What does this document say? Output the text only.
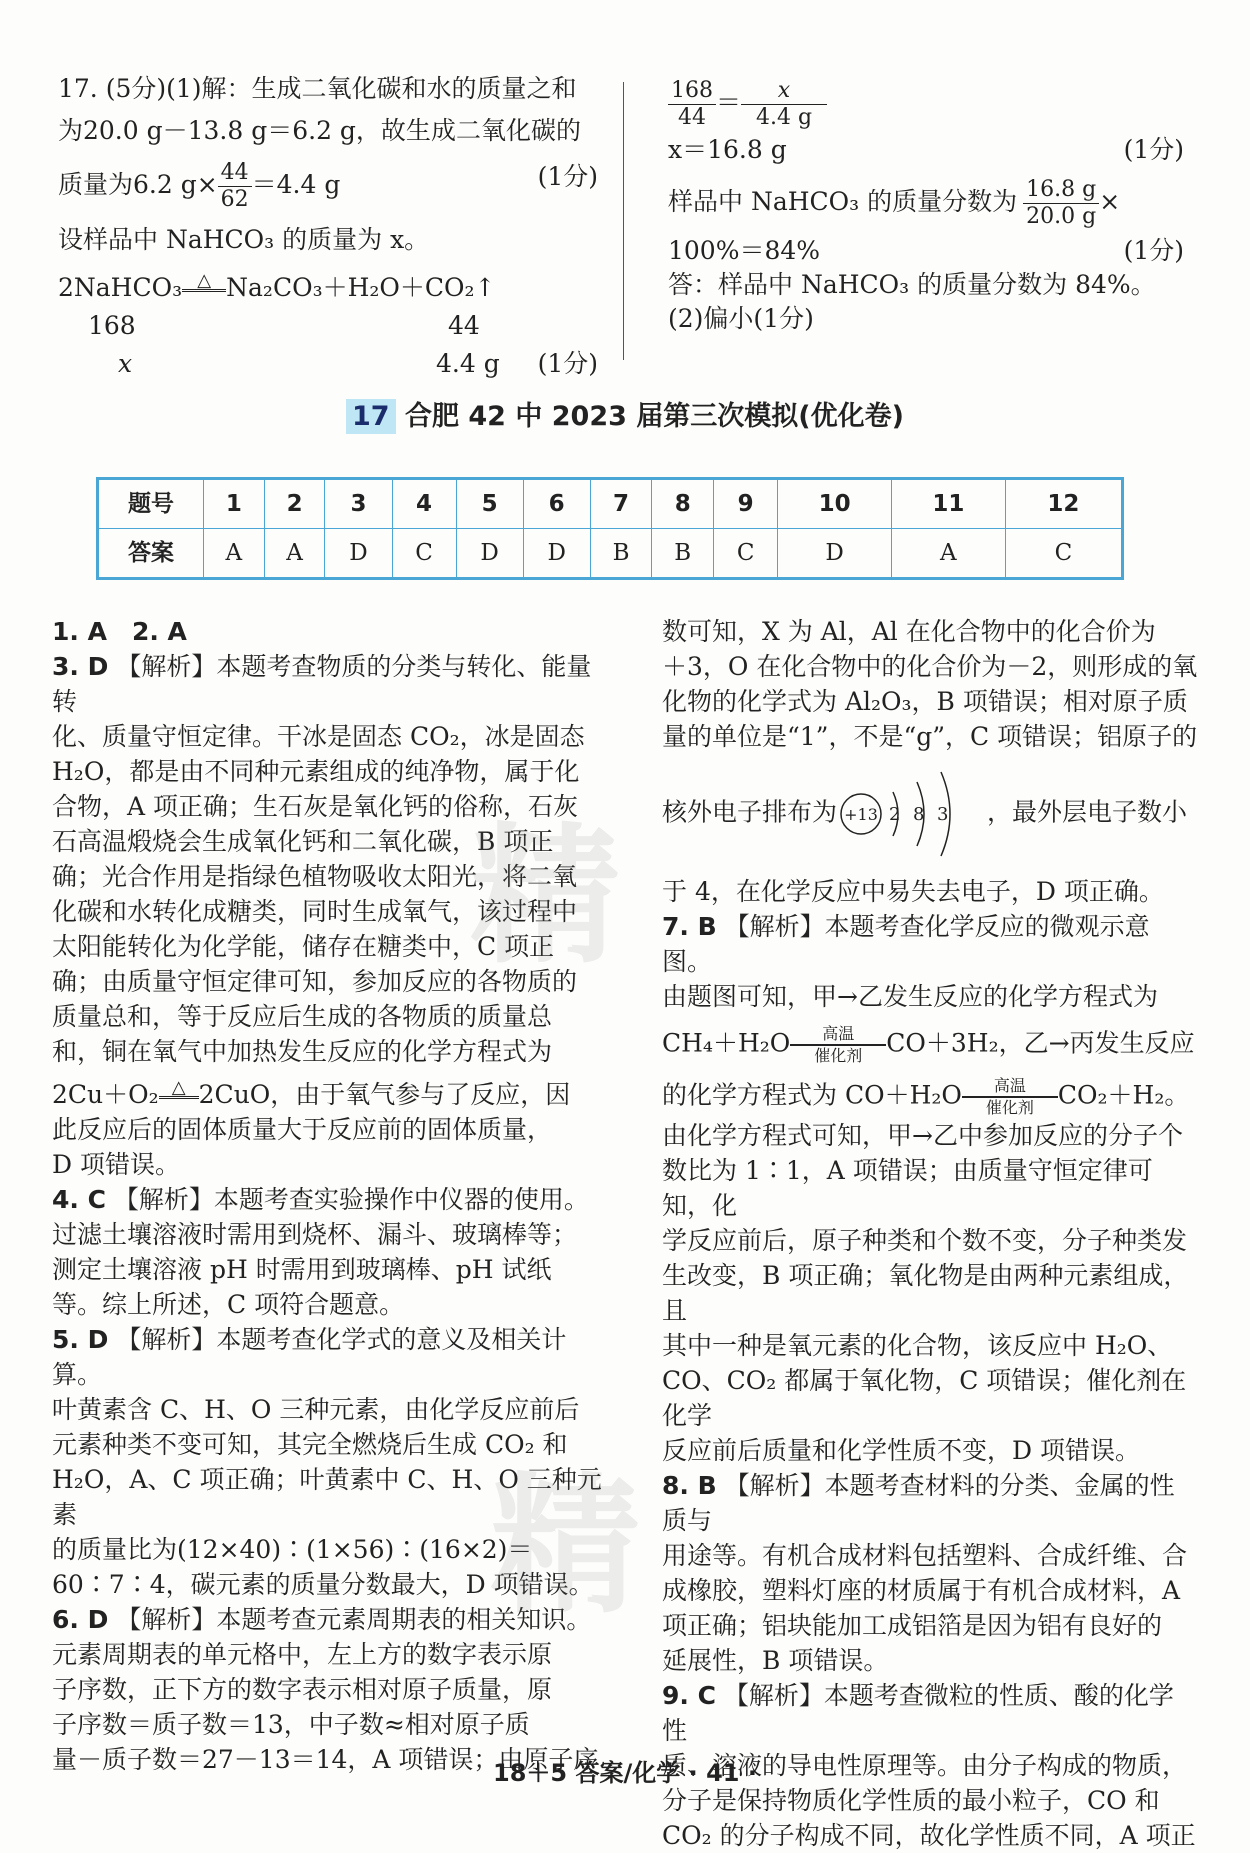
17. (5分)(1)解：生成二氧化碳和水的质量之和

为20.0 g－13.8 g＝6.2 g，故生成二氧化碳的

质量为6.2 $g\times \frac{44}{62} =4.4$ g	(1分)

设样品中 NaHCO₃ 的质量为 x。

2NaHCO₃ △ Na₂CO₃＋H₂O＋CO₂↑

168	44

x	4.4 g (1分)

$\frac{168}{44} = \frac{x}{4.4 g}$

x＝16.8 g	(1分)

样品中 NaHCO₃ 的质量分数为 $\frac{16.8 g}{20.0 g}$ ×

100%＝84%	(1分)

答：样品中 NaHCO₃ 的质量分数为 84%。

(2)偏小(1分)

17 合肥 42 中 2023 届第三次模拟(优化卷)
题号	1	2	3	4	5	6	7	8	9	10	11	12
答案	A	A	D	C	D	D	B	B	C	D	A	C

1. A　2. A

3. D 【解析】本题考查物质的分类与转化、能量转

化、质量守恒定律。干冰是固态 CO₂，冰是固态

H₂O，都是由不同种元素组成的纯净物，属于化

合物，A 项正确；生石灰是氧化钙的俗称，石灰

石高温煅烧会生成氧化钙和二氧化碳，B 项正

确；光合作用是指绿色植物吸收太阳光，将二氧

化碳和水转化成糖类，同时生成氧气，该过程中

太阳能转化为化学能，储存在糖类中，C 项正

确；由质量守恒定律可知，参加反应的各物质的

质量总和，等于反应后生成的各物质的质量总

和，铜在氧气中加热发生反应的化学方程式为

2Cu＋O₂ △ 2CuO，由于氧气参与了反应，因

此反应后的固体质量大于反应前的固体质量，

D 项错误。

4. C 【解析】本题考查实验操作中仪器的使用。

过滤土壤溶液时需用到烧杯、漏斗、玻璃棒等；

测定土壤溶液 pH 时需用到玻璃棒、pH 试纸

等。综上所述，C 项符合题意。

5. D 【解析】本题考查化学式的意义及相关计算。

叶黄素含 C、H、O 三种元素，由化学反应前后

元素种类不变可知，其完全燃烧后生成 CO₂ 和

H₂O，A、C 项正确；叶黄素中 C、H、O 三种元素

的质量比为(12×40)∶(1×56)∶(16×2)＝

60∶7∶4，碳元素的质量分数最大，D 项错误。

6. D 【解析】本题考查元素周期表的相关知识。

元素周期表的单元格中，左上方的数字表示原

子序数，正下方的数字表示相对原子质量，原

子序数＝质子数＝13，中子数≈相对原子质

量－质子数＝27－13＝14，A 项错误；由原子序

数可知，X 为 Al，Al 在化合物中的化合价为

＋3，O 在化合物中的化合价为－2，则形成的氧

化物的化学式为 Al₂O₃，B 项错误；相对原子质

量的单位是“1”，不是“g”，C 项错误；铝原子的

核外电子排布为 +13 2 8 3 ，最外层电子数小

于 4，在化学反应中易失去电子，D 项正确。

7. B 【解析】本题考查化学反应的微观示意图。

由题图可知，甲→乙发生反应的化学方程式为

CH₄＋H₂O	高温
催化剂 CO＋3H₂，乙→丙发生反应

的化学方程式为 CO＋H₂O	高温
催化剂 CO₂＋H₂。

由化学方程式可知，甲→乙中参加反应的分子个

数比为 1∶1，A 项错误；由质量守恒定律可知，化

学反应前后，原子种类和个数不变，分子种类发

生改变，B 项正确；氧化物是由两种元素组成，且

其中一种是氧元素的化合物，该反应中 H₂O、

CO、CO₂ 都属于氧化物，C 项错误；催化剂在化学

反应前后质量和化学性质不变，D 项错误。

8. B 【解析】本题考查材料的分类、金属的性质与

用途等。有机合成材料包括塑料、合成纤维、合

成橡胶，塑料灯座的材质属于有机合成材料，A

项正确；铝块能加工成铝箔是因为铝有良好的

延展性，B 项错误。

9. C 【解析】本题考查微粒的性质、酸的化学性

质、溶液的导电性原理等。由分子构成的物质，

分子是保持物质化学性质的最小粒子，CO 和

CO₂ 的分子构成不同，故化学性质不同，A 项正

精
精
18＋5 答案/化学 · 41 ·
